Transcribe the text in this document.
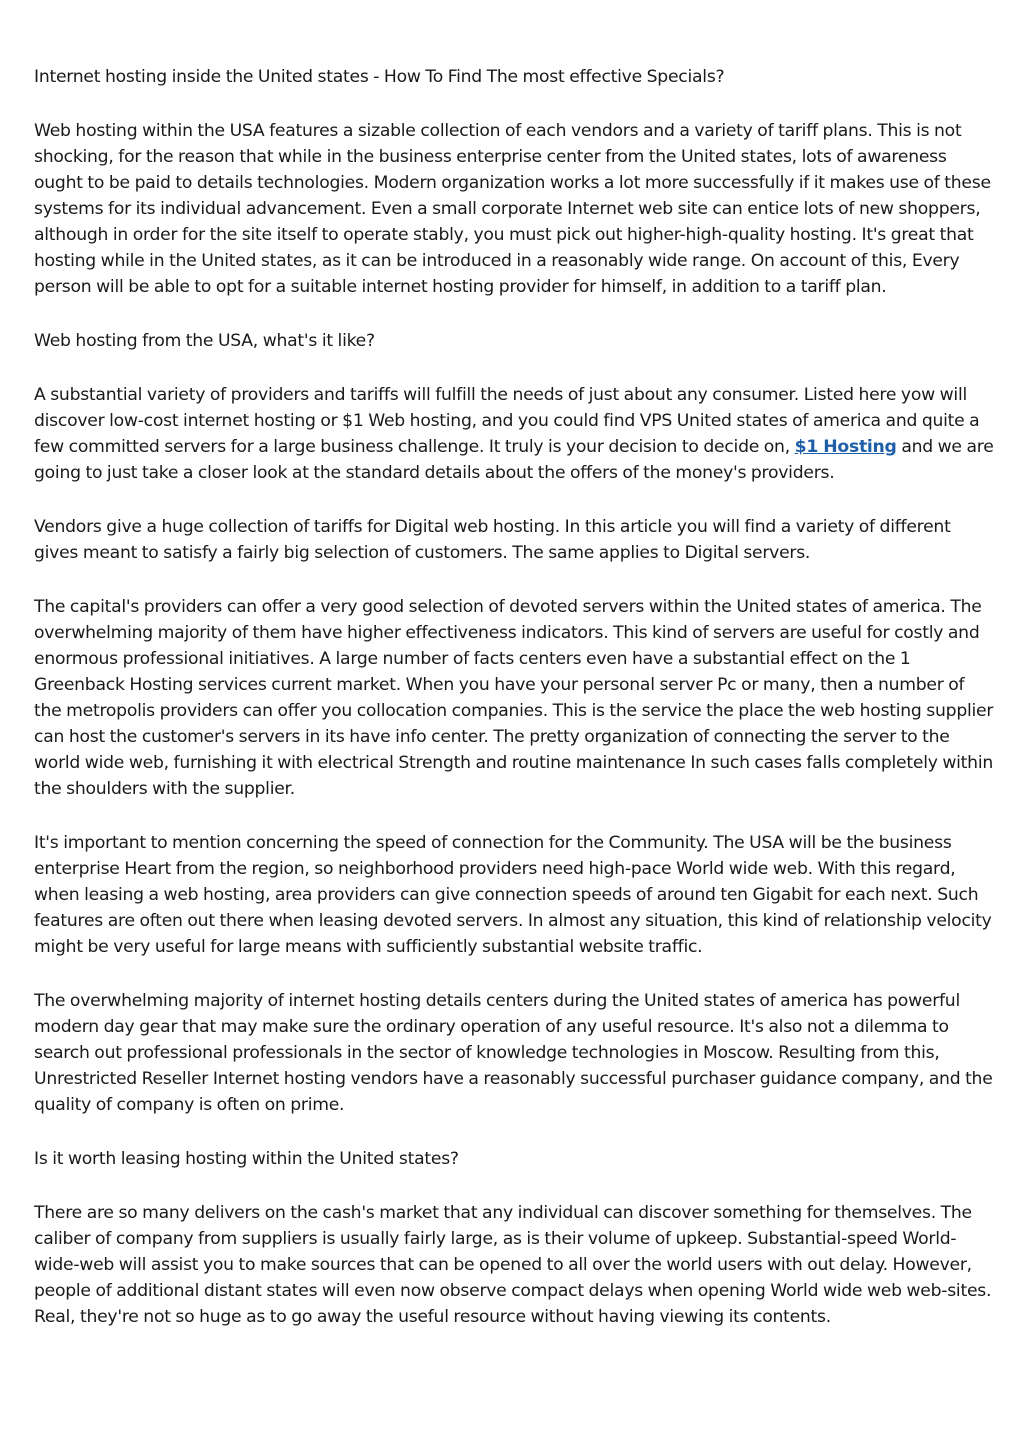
Internet hosting inside the United states - How To Find The most effective Specials?

Web hosting within the USA features a sizable collection of each vendors and a variety of tariff plans. This is not shocking, for the reason that while in the business enterprise center from the United states, lots of awareness ought to be paid to details technologies. Modern organization works a lot more successfully if it makes use of these systems for its individual advancement. Even a small corporate Internet web site can entice lots of new shoppers, although in order for the site itself to operate stably, you must pick out higher-high-quality hosting. It's great that hosting while in the United states, as it can be introduced in a reasonably wide range. On account of this, Every person will be able to opt for a suitable internet hosting provider for himself, in addition to a tariff plan.

Web hosting from the USA, what's it like?

A substantial variety of providers and tariffs will fulfill the needs of just about any consumer. Listed here yow will discover low-cost internet hosting or $1 Web hosting, and you could find VPS United states of america and quite a few committed servers for a large business challenge. It truly is your decision to decide on, $1 Hosting and we are going to just take a closer look at the standard details about the offers of the money's providers.

Vendors give a huge collection of tariffs for Digital web hosting. In this article you will find a variety of different gives meant to satisfy a fairly big selection of customers. The same applies to Digital servers.

The capital's providers can offer a very good selection of devoted servers within the United states of america. The overwhelming majority of them have higher effectiveness indicators. This kind of servers are useful for costly and enormous professional initiatives. A large number of facts centers even have a substantial effect on the 1 Greenback Hosting services current market. When you have your personal server Pc or many, then a number of the metropolis providers can offer you collocation companies. This is the service the place the web hosting supplier can host the customer's servers in its have info center. The pretty organization of connecting the server to the world wide web, furnishing it with electrical Strength and routine maintenance In such cases falls completely within the shoulders with the supplier.

It's important to mention concerning the speed of connection for the Community. The USA will be the business enterprise Heart from the region, so neighborhood providers need high-pace World wide web. With this regard, when leasing a web hosting, area providers can give connection speeds of around ten Gigabit for each next. Such features are often out there when leasing devoted servers. In almost any situation, this kind of relationship velocity might be very useful for large means with sufficiently substantial website traffic.

The overwhelming majority of internet hosting details centers during the United states of america has powerful modern day gear that may make sure the ordinary operation of any useful resource. It's also not a dilemma to search out professional professionals in the sector of knowledge technologies in Moscow. Resulting from this, Unrestricted Reseller Internet hosting vendors have a reasonably successful purchaser guidance company, and the quality of company is often on prime.

Is it worth leasing hosting within the United states?

There are so many delivers on the cash's market that any individual can discover something for themselves. The caliber of company from suppliers is usually fairly large, as is their volume of upkeep. Substantial-speed World-wide-web will assist you to make sources that can be opened to all over the world users with out delay. However, people of additional distant states will even now observe compact delays when opening World wide web web-sites. Real, they're not so huge as to go away the useful resource without having viewing its contents.
